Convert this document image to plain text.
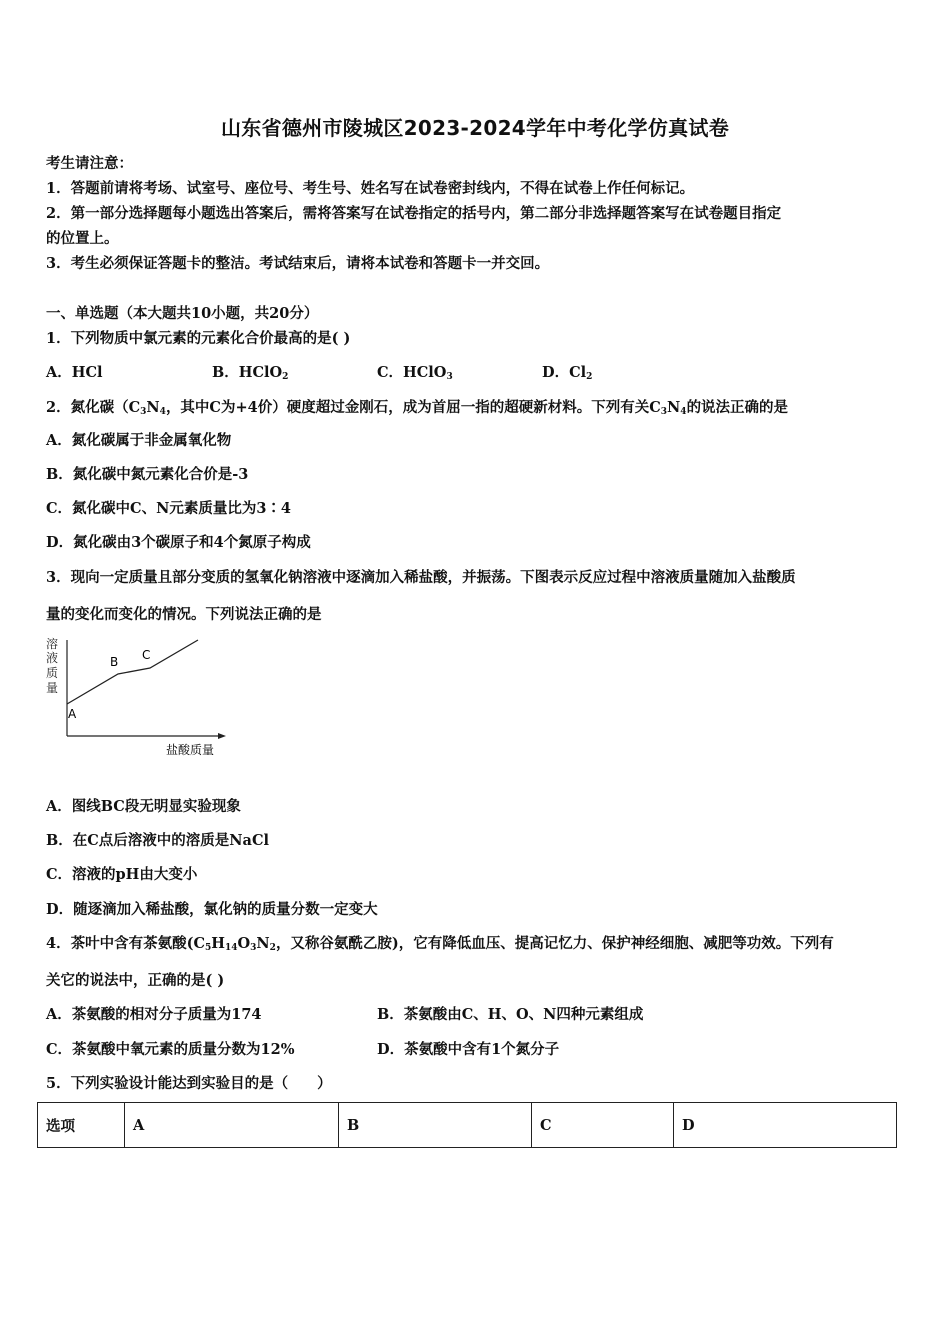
山东省德州市陵城区2023-2024学年中考化学仿真试卷
考生请注意：
1．答题前请将考场、试室号、座位号、考生号、姓名写在试卷密封线内，不得在试卷上作任何标记。
2．第一部分选择题每小题选出答案后，需将答案写在试卷指定的括号内，第二部分非选择题答案写在试卷题目指定
的位置上。
3．考生必须保证答题卡的整洁。考试结束后，请将本试卷和答题卡一并交回。
一、单选题（本大题共10小题，共20分）
1．下列物质中氯元素的元素化合价最高的是( )
A．HCl	B．HClO$_2$	C．HClO$_3$	D．$Cl_2$
2．氮化碳（$C_3N_4$，其中C为+4价）硬度超过金刚石，成为首屈一指的超硬新材料。下列有关$C_3N_4$的说法正确的是
A．氮化碳属于非金属氧化物
B．氮化碳中氮元素化合价是-3
C．氮化碳中C、N元素质量比为3∶4
D．氮化碳由3个碳原子和4个氮原子构成
3．现向一定质量且部分变质的氢氧化钠溶液中逐滴加入稀盐酸，并振荡。下图表示反应过程中溶液质量随加入盐酸质
量的变化而变化的情况。下列说法正确的是
溶
液
质
量
A
B C
盐酸质量
A．图线BC段无明显实验现象
B．在C点后溶液中的溶质是NaCl
C．溶液的pH由大变小
D．随逐滴加入稀盐酸，氯化钠的质量分数一定变大
4．茶叶中含有茶氨酸($C_5H_{14}O_3N_2$，又称谷氨酰乙胺)，它有降低血压、提高记忆力、保护神经细胞、减肥等功效。下列有
关它的说法中，正确的是( )
A．茶氨酸的相对分子质量为174	B．茶氨酸由C、H、O、N四种元素组成
C．茶氨酸中氧元素的质量分数为12%	D．茶氨酸中含有1个氮分子
5．下列实验设计能达到实验目的是（　　）
选项	A	B	C	D
